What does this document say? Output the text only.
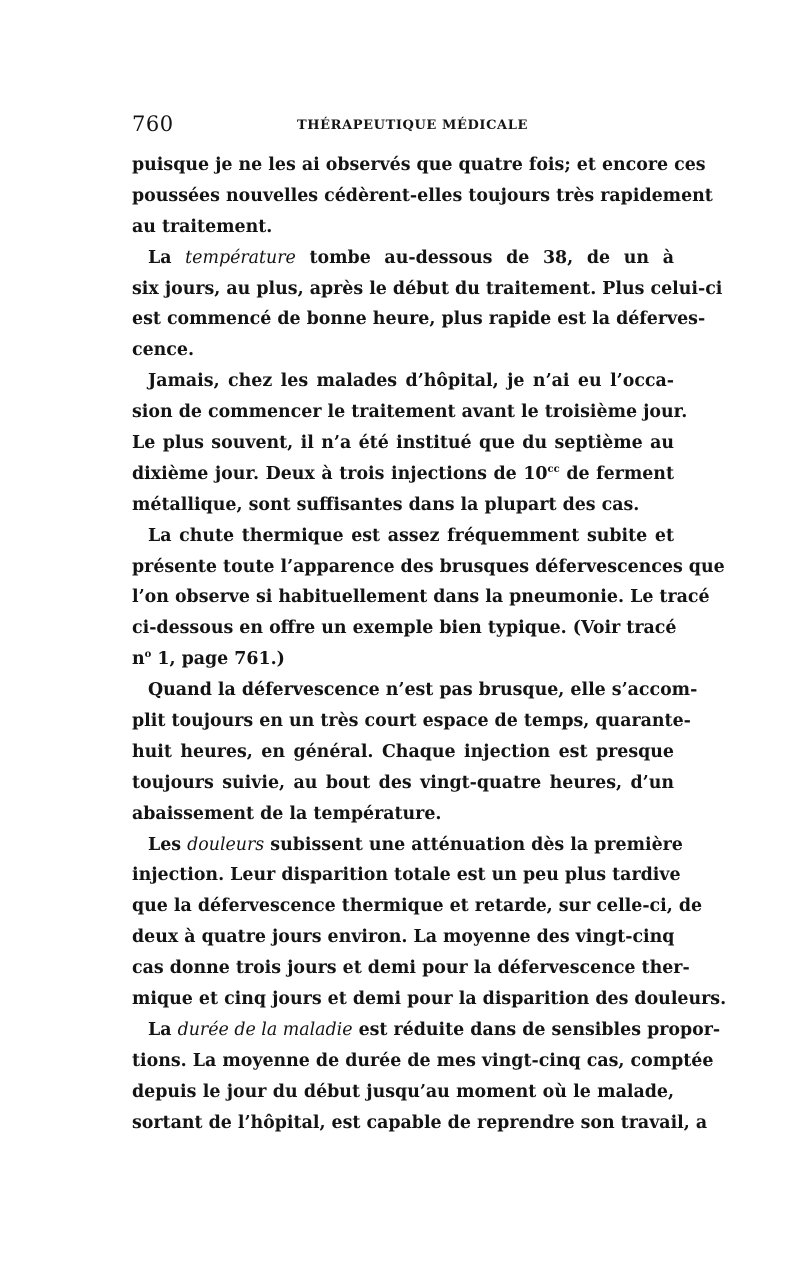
760	THÉRAPEUTIQUE MÉDICALE
puisque je ne les ai observés que quatre fois; et encore ces
poussées nouvelles cédèrent-elles toujours très rapidement
au traitement.
La température tombe au-dessous de 38, de un à
six jours, au plus, après le début du traitement. Plus celui-ci
est commencé de bonne heure, plus rapide est la déferves-
cence.
Jamais, chez les malades d’hôpital, je n’ai eu l’occa-
sion de commencer le traitement avant le troisième jour.
Le plus souvent, il n’a été institué que du septième au
dixième jour. Deux à trois injections de $10^{cc}$ de ferment
métallique, sont suffisantes dans la plupart des cas.
La chute thermique est assez fréquemment subite et
présente toute l’apparence des brusques défervescences que
l’on observe si habituellement dans la pneumonie. Le tracé
ci-dessous en offre un exemple bien typique. (Voir tracé
$n^o$ 1, page 761.)
Quand la défervescence n’est pas brusque, elle s’accom-
plit toujours en un très court espace de temps, quarante-
huit heures, en général. Chaque injection est presque
toujours suivie, au bout des vingt-quatre heures, d’un
abaissement de la température.
Les douleurs subissent une atténuation dès la première
injection. Leur disparition totale est un peu plus tardive
que la défervescence thermique et retarde, sur celle-ci, de
deux à quatre jours environ. La moyenne des vingt-cinq
cas donne trois jours et demi pour la défervescence ther-
mique et cinq jours et demi pour la disparition des douleurs.
La durée de la maladie est réduite dans de sensibles propor-
tions. La moyenne de durée de mes vingt-cinq cas, comptée
depuis le jour du début jusqu’au moment où le malade,
sortant de l’hôpital, est capable de reprendre son travail, a
